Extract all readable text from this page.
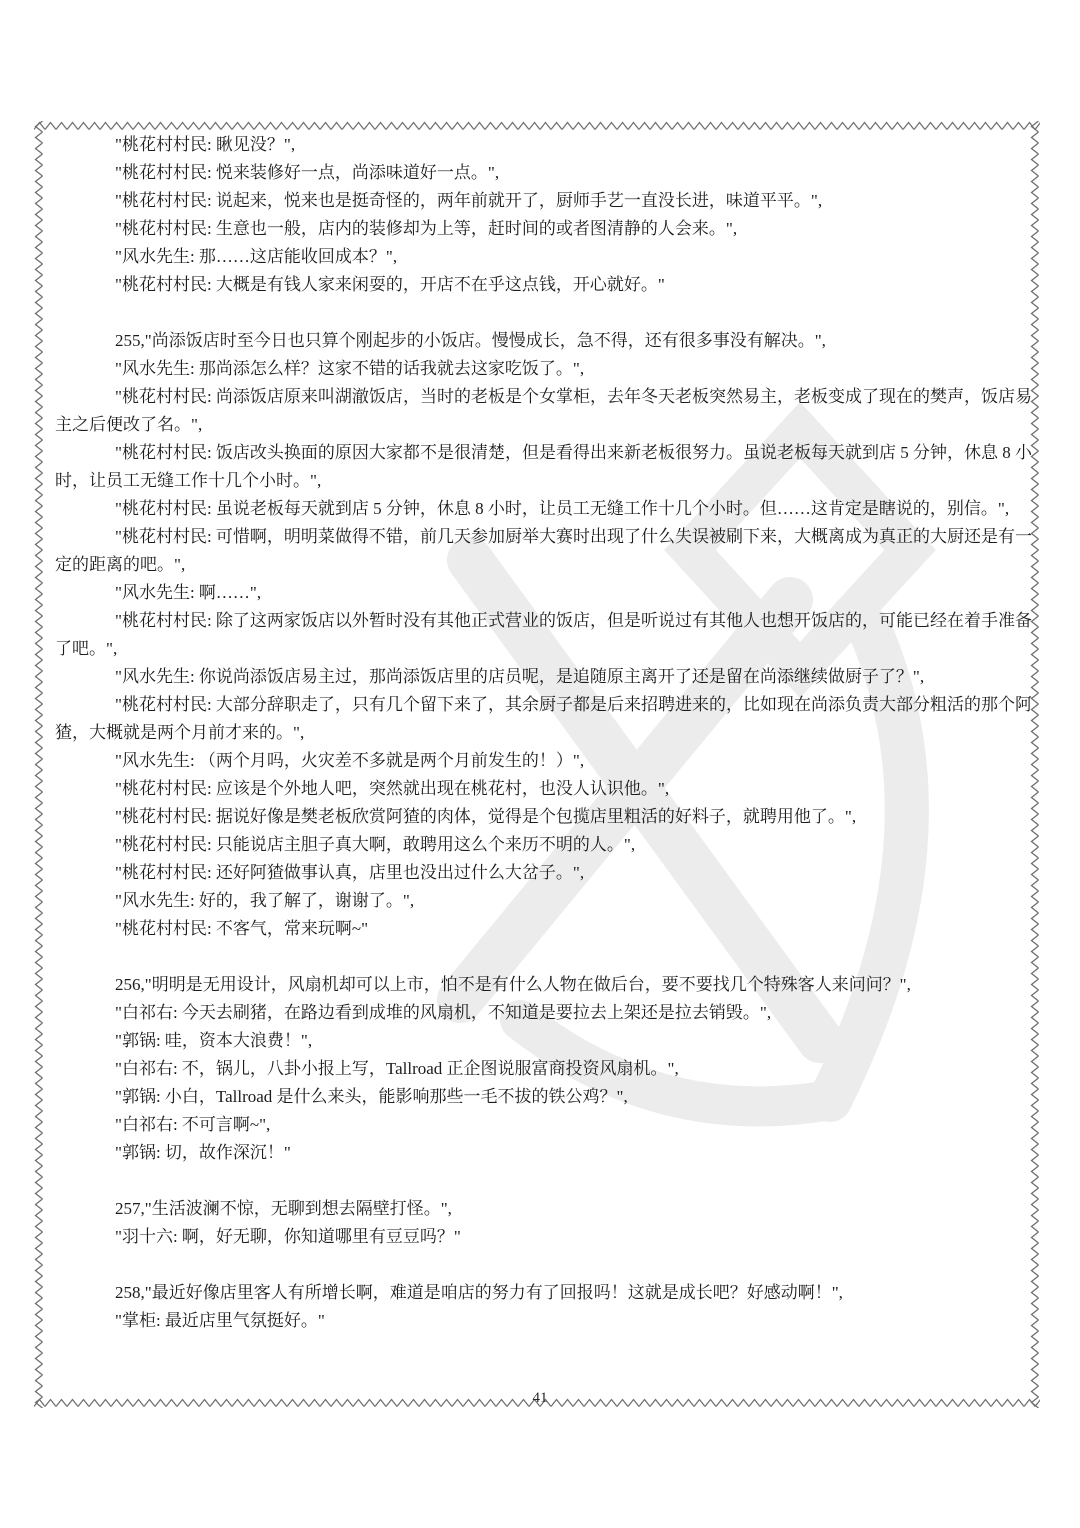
"桃花村村民: 瞅见没？",

"桃花村村民: 悦来装修好一点，尚添味道好一点。",

"桃花村村民: 说起来，悦来也是挺奇怪的，两年前就开了，厨师手艺一直没长进，味道平平。",

"桃花村村民: 生意也一般，店内的装修却为上等，赶时间的或者图清静的人会来。",

"风水先生: 那……这店能收回成本？",

"桃花村村民: 大概是有钱人家来闲耍的，开店不在乎这点钱，开心就好。"

255,"尚添饭店时至今日也只算个刚起步的小饭店。慢慢成长，急不得，还有很多事没有解决。",

"风水先生: 那尚添怎么样？这家不错的话我就去这家吃饭了。",

"桃花村村民: 尚添饭店原来叫湖澈饭店，当时的老板是个女掌柜，去年冬天老板突然易主，老板变成了现在的樊声，饭店易主之后便改了名。",

"桃花村村民: 饭店改头换面的原因大家都不是很清楚，但是看得出来新老板很努力。虽说老板每天就到店 5 分钟，休息 8 小时，让员工无缝工作十几个小时。",

"桃花村村民: 虽说老板每天就到店 5 分钟，休息 8 小时，让员工无缝工作十几个小时。但……这肯定是瞎说的，别信。",

"桃花村村民: 可惜啊，明明菜做得不错，前几天参加厨举大赛时出现了什么失误被刷下来，大概离成为真正的大厨还是有一定的距离的吧。",

"风水先生: 啊……",

"桃花村村民: 除了这两家饭店以外暂时没有其他正式营业的饭店，但是听说过有其他人也想开饭店的，可能已经在着手准备了吧。",

"风水先生: 你说尚添饭店易主过，那尚添饭店里的店员呢，是追随原主离开了还是留在尚添继续做厨子了？",

"桃花村村民: 大部分辞职走了，只有几个留下来了，其余厨子都是后来招聘进来的，比如现在尚添负责大部分粗活的那个阿猹，大概就是两个月前才来的。",

"风水先生: （两个月吗，火灾差不多就是两个月前发生的！）",

"桃花村村民: 应该是个外地人吧，突然就出现在桃花村，也没人认识他。",

"桃花村村民: 据说好像是樊老板欣赏阿猹的肉体，觉得是个包揽店里粗活的好料子，就聘用他了。",

"桃花村村民: 只能说店主胆子真大啊，敢聘用这么个来历不明的人。",

"桃花村村民: 还好阿猹做事认真，店里也没出过什么大岔子。",

"风水先生: 好的，我了解了，谢谢了。",

"桃花村村民: 不客气，常来玩啊~"

256,"明明是无用设计，风扇机却可以上市，怕不是有什么人物在做后台，要不要找几个特殊客人来问问？",

"白祁右: 今天去刷猪，在路边看到成堆的风扇机，不知道是要拉去上架还是拉去销毁。",

"郭锅: 哇，资本大浪费！",

"白祁右: 不，锅儿，八卦小报上写，Tallroad 正企图说服富商投资风扇机。",

"郭锅: 小白，Tallroad 是什么来头，能影响那些一毛不拔的铁公鸡？",

"白祁右: 不可言啊~",

"郭锅: 切，故作深沉！"

257,"生活波澜不惊，无聊到想去隔壁打怪。",

"羽十六: 啊，好无聊，你知道哪里有豆豆吗？"

258,"最近好像店里客人有所增长啊，难道是咱店的努力有了回报吗！这就是成长吧？好感动啊！",

"掌柜: 最近店里气氛挺好。"

41
